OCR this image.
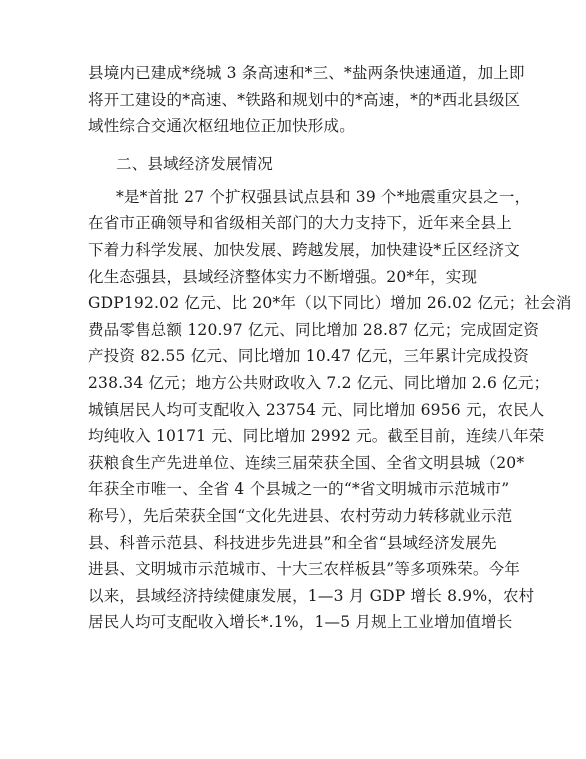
县境内已建成*绕城 3 条高速和*三、*盐两条快速通道，加上即
将开工建设的*高速、*铁路和规划中的*高速，*的*西北县级区
域性综合交通次枢纽地位正加快形成。
二、县域经济发展情况
*是*首批 27 个扩权强县试点县和 39 个*地震重灾县之一，
在省市正确领导和省级相关部门的大力支持下，近年来全县上
下着力科学发展、加快发展、跨越发展，加快建设*丘区经济文
化生态强县，县域经济整体实力不断增强。20*年，实现
GDP192.02 亿元、比 20*年（以下同比）增加 26.02 亿元；社会消
费品零售总额 120.97 亿元、同比增加 28.87 亿元；完成固定资
产投资 82.55 亿元、同比增加 10.47 亿元，三年累计完成投资
238.34 亿元；地方公共财政收入 7.2 亿元、同比增加 2.6 亿元；
城镇居民人均可支配收入 23754 元、同比增加 6956 元，农民人
均纯收入 10171 元、同比增加 2992 元。截至目前，连续八年荣
获粮食生产先进单位、连续三届荣获全国、全省文明县城（20*
年获全市唯一、全省 4 个县城之一的“*省文明城市示范城市”
称号），先后荣获全国“文化先进县、农村劳动力转移就业示范
县、科普示范县、科技进步先进县”和全省“县域经济发展先
进县、文明城市示范城市、十大三农样板县”等多项殊荣。今年
以来，县域经济持续健康发展，1—3 月 GDP 增长 8.9%，农村
居民人均可支配收入增长*.1%，1—5 月规上工业增加值增长
